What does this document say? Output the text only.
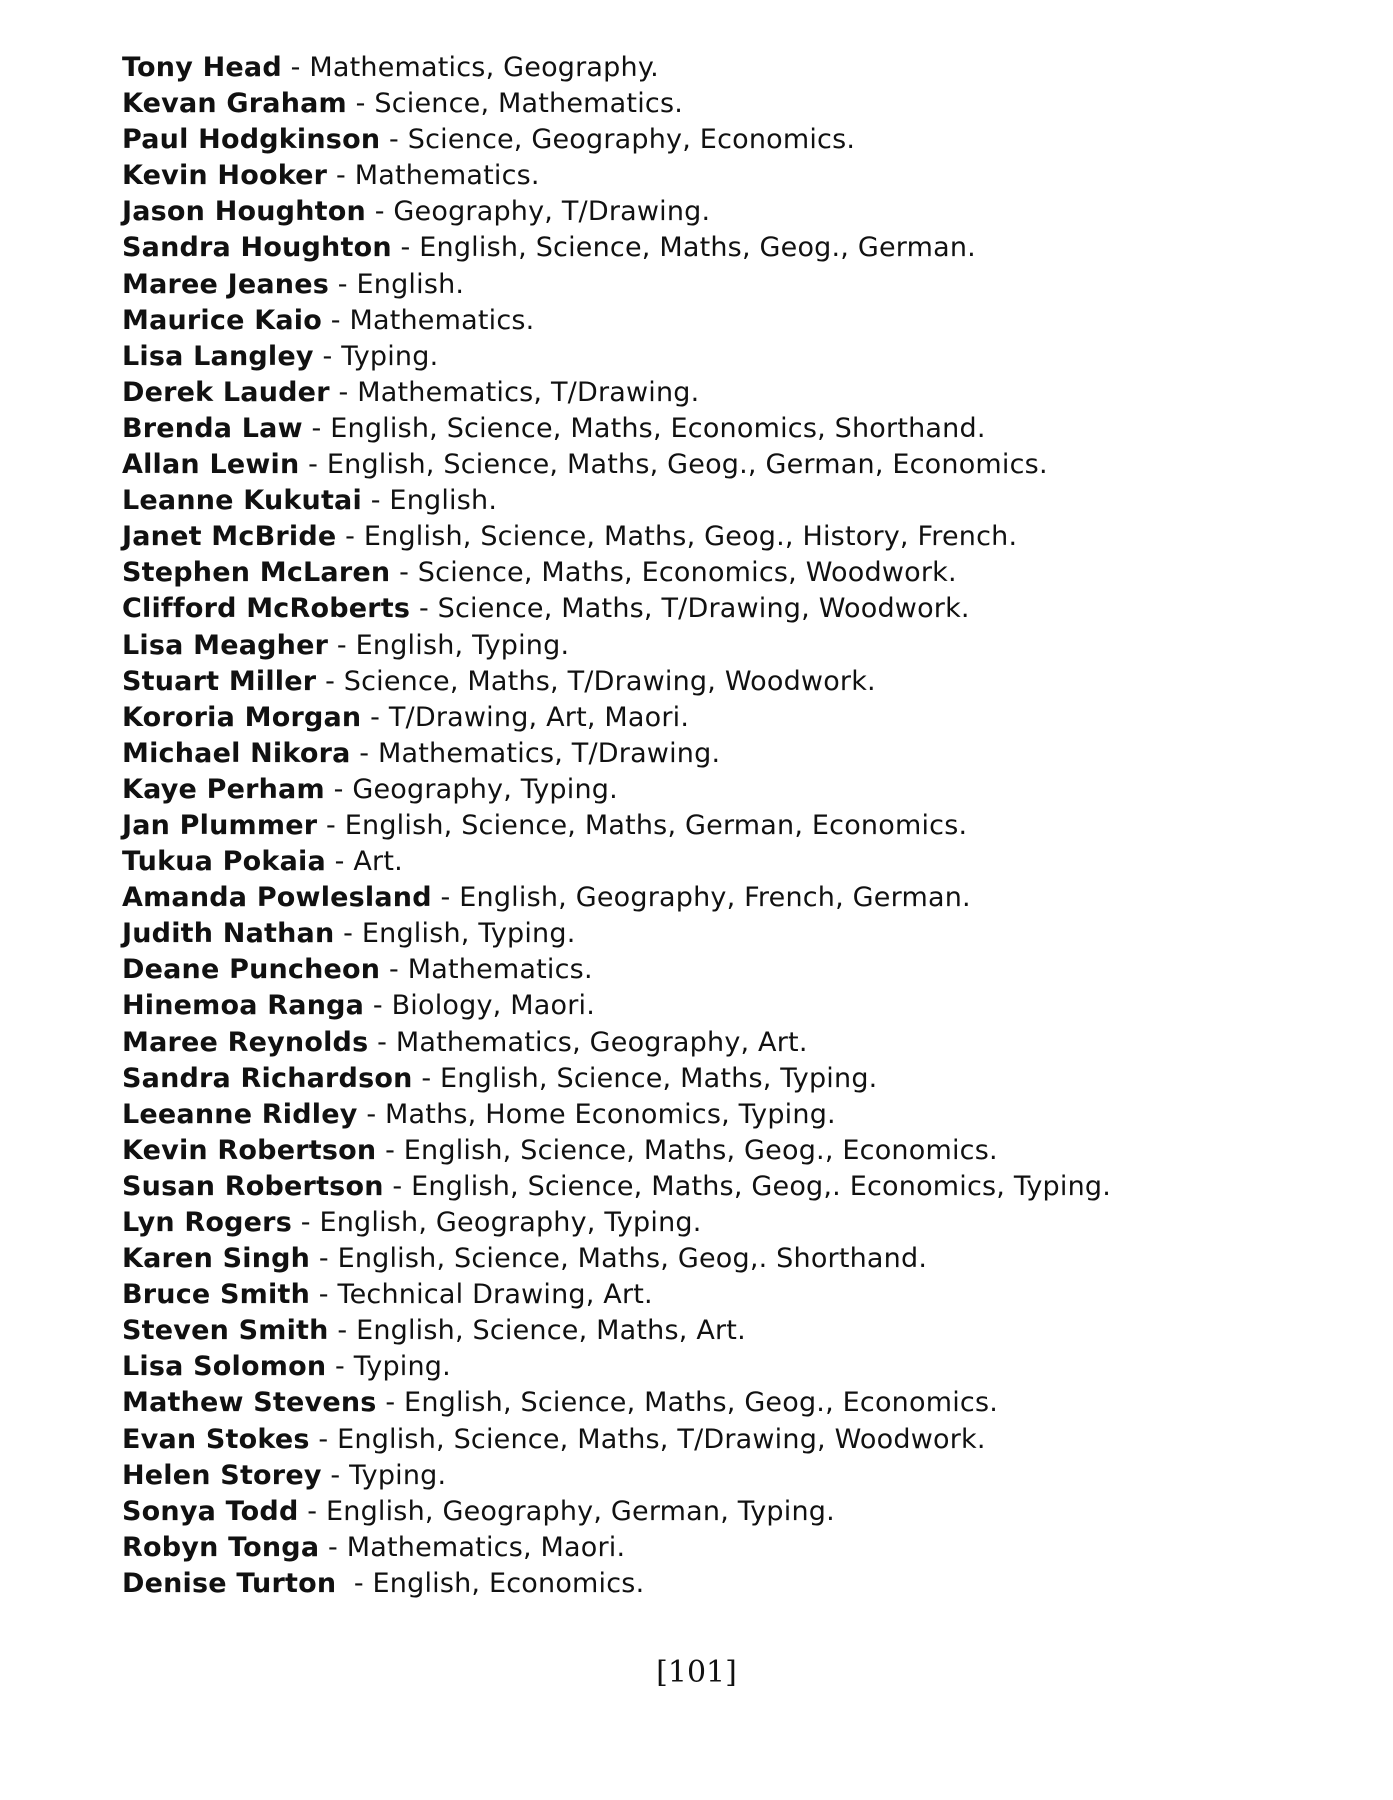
Tony Head - Mathematics, Geography.
Kevan Graham - Science, Mathematics.
Paul Hodgkinson - Science, Geography, Economics.
Kevin Hooker - Mathematics.
Jason Houghton - Geography, T/Drawing.
Sandra Houghton - English, Science, Maths, Geog., German.
Maree Jeanes - English.
Maurice Kaio - Mathematics.
Lisa Langley - Typing.
Derek Lauder - Mathematics, T/Drawing.
Brenda Law - English, Science, Maths, Economics, Shorthand.
Allan Lewin - English, Science, Maths, Geog., German, Economics.
Leanne Kukutai - English.
Janet McBride - English, Science, Maths, Geog., History, French.
Stephen McLaren - Science, Maths, Economics, Woodwork.
Clifford McRoberts - Science, Maths, T/Drawing, Woodwork.
Lisa Meagher - English, Typing.
Stuart Miller - Science, Maths, T/Drawing, Woodwork.
Kororia Morgan - T/Drawing, Art, Maori.
Michael Nikora - Mathematics, T/Drawing.
Kaye Perham - Geography, Typing.
Jan Plummer - English, Science, Maths, German, Economics.
Tukua Pokaia - Art.
Amanda Powlesland - English, Geography, French, German.
Judith Nathan - English, Typing.
Deane Puncheon - Mathematics.
Hinemoa Ranga - Biology, Maori.
Maree Reynolds - Mathematics, Geography, Art.
Sandra Richardson - English, Science, Maths, Typing.
Leeanne Ridley - Maths, Home Economics, Typing.
Kevin Robertson - English, Science, Maths, Geog., Economics.
Susan Robertson - English, Science, Maths, Geog,. Economics, Typing.
Lyn Rogers - English, Geography, Typing.
Karen Singh - English, Science, Maths, Geog,. Shorthand.
Bruce Smith - Technical Drawing, Art.
Steven Smith - English, Science, Maths, Art.
Lisa Solomon - Typing.
Mathew Stevens - English, Science, Maths, Geog., Economics.
Evan Stokes - English, Science, Maths, T/Drawing, Woodwork.
Helen Storey - Typing.
Sonya Todd - English, Geography, German, Typing.
Robyn Tonga - Mathematics, Maori.
Denise Turton  - English, Economics.
[101]
